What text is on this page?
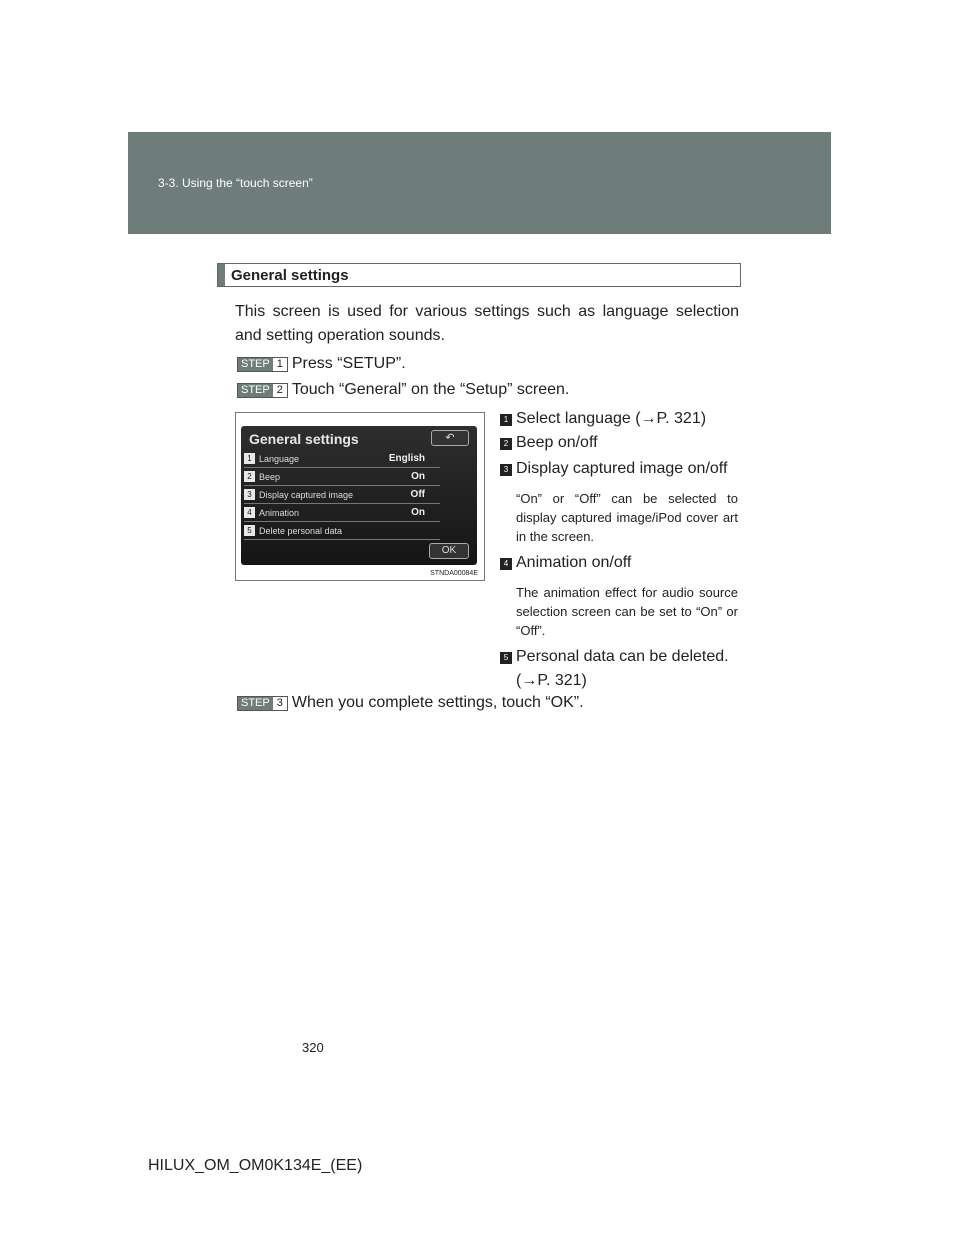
3-3. Using the “touch screen”
General settings
This screen is used for various settings such as language selection and setting operation sounds.
STEP 1 Press “SETUP”.
STEP 2 Touch “General” on the “Setup” screen.
General settings	↶
1 Language	English
2 Beep	On
3 Display captured image	Off
4 Animation	On
5 Delete personal data
OK
STNDA00084E
1 Select language (→P. 321)
2 Beep on/off
3 Display captured image on/off
“On” or “Off” can be selected to display captured image/iPod cover art in the screen.
4 Animation on/off
The animation effect for audio source selection screen can be set to “On” or “Off”.
5 Personal data can be deleted.
(→P. 321)
STEP 3 When you complete settings, touch “OK”.
320
HILUX_OM_OM0K134E_(EE)
